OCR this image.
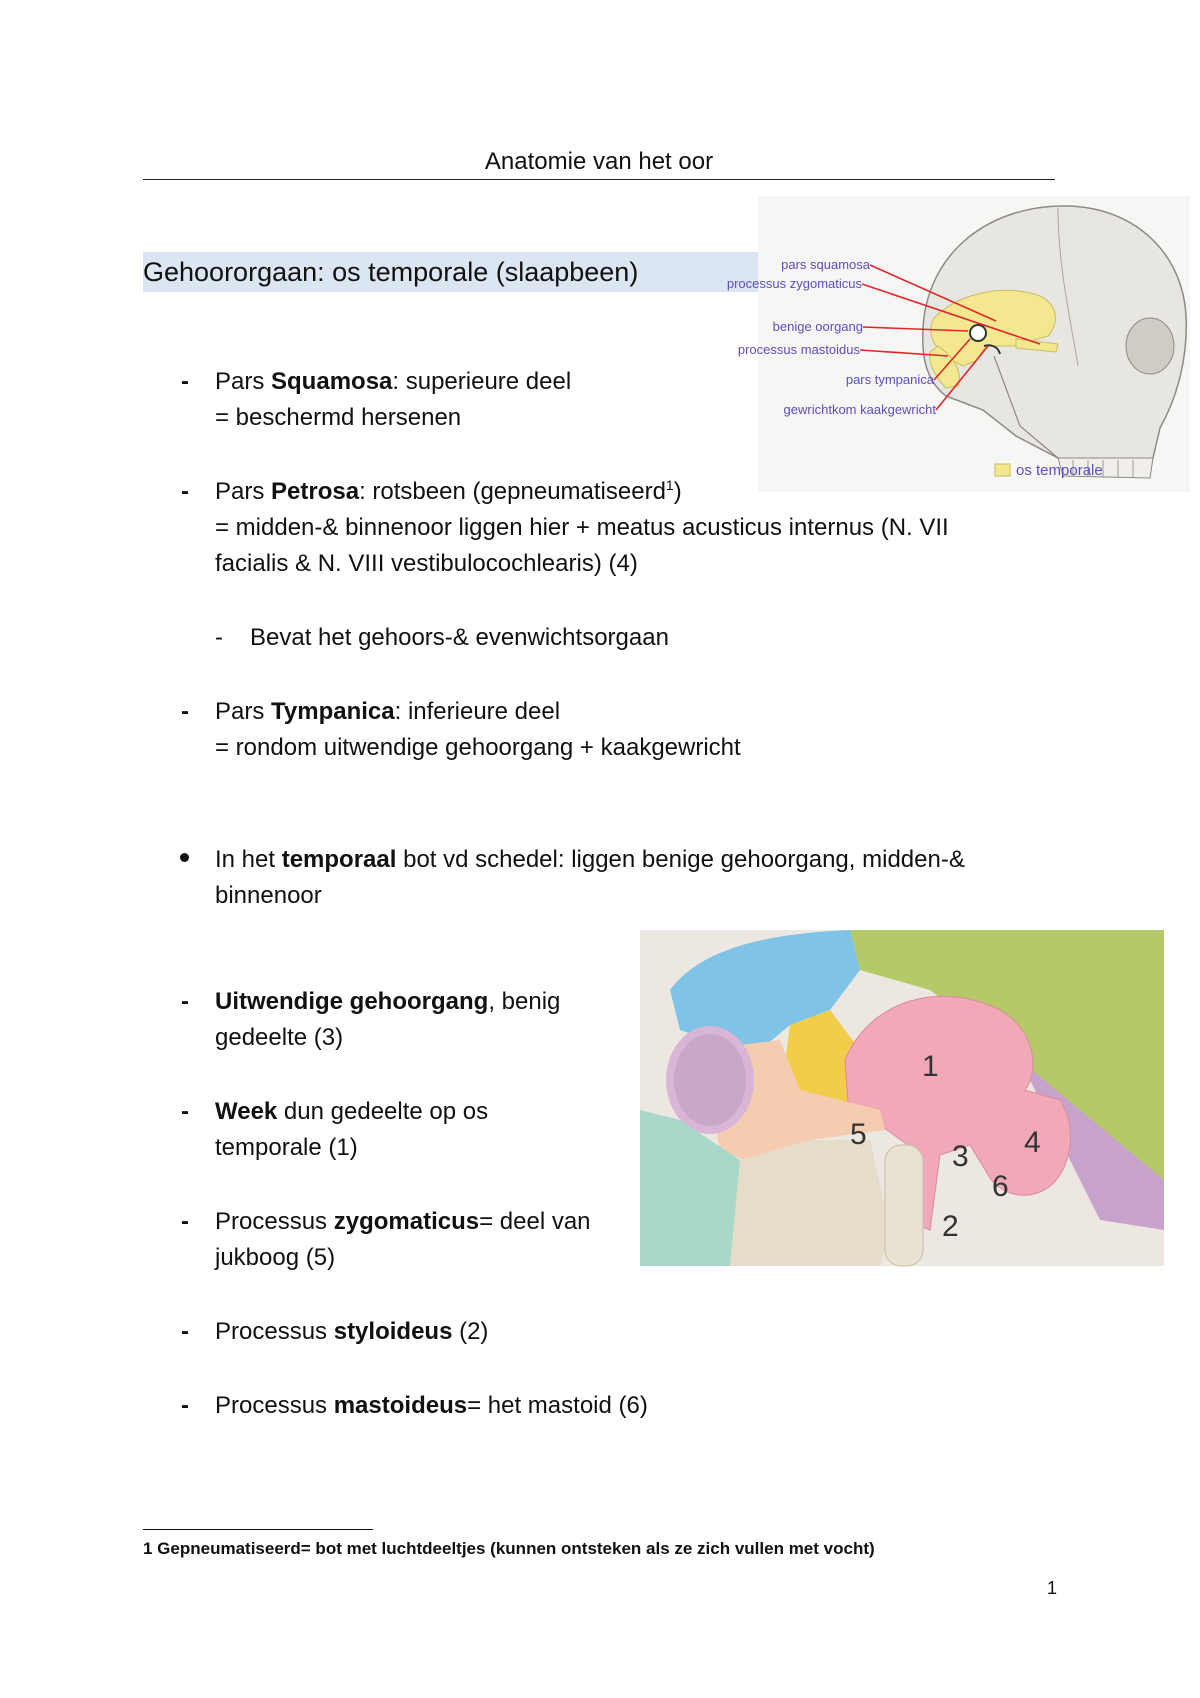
Anatomie van het oor
Gehoororgaan: os temporale (slaapbeen)
- Pars Squamosa: superieure deel
= beschermd hersenen
- Pars Petrosa: rotsbeen (gepneumatiseerd$^1$)
= midden-& binnenoor liggen hier + meatus acusticus internus (N. VII
facialis & N. VIII vestibulocochlearis) (4)
- Bevat het gehoors-& evenwichtsorgaan
- Pars Tympanica: inferieure deel
= rondom uitwendige gehoorgang + kaakgewricht
In het temporaal bot vd schedel: liggen benige gehoorgang, midden-&
binnenoor
- Uitwendige gehoorgang, benig
gedeelte (3)
- Week dun gedeelte op os
temporale (1)
- Processus zygomaticus= deel van
jukboog (5)
- Processus styloideus (2)
- Processus mastoideus= het mastoid (6)
pars squamosa
processus zygomaticus
benige oorgang
processus mastoidus
pars tympanica
gewrichtkom kaakgewricht
os temporale
1
2
3 4
5
6
1 Gepneumatiseerd= bot met luchtdeeltjes (kunnen ontsteken als ze zich vullen met vocht)
1
